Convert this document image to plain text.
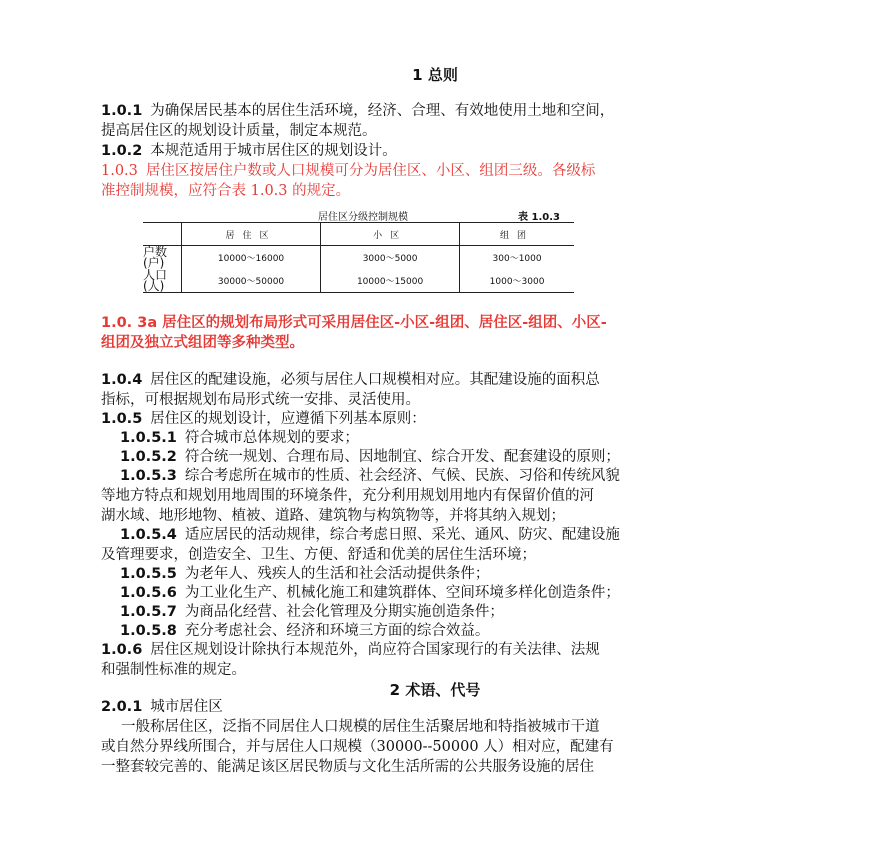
1 总则
1.0.1 为确保居民基本的居住生活环境，经济、合理、有效地使用土地和空间，
提高居住区的规划设计质量，制定本规范。
1.0.2 本规范适用于城市居住区的规划设计。
1.0.3 居住区按居住户数或人口规模可分为居住区、小区、组团三级。各级标
准控制规模，应符合表 1.0.3 的规定。
居住区分级控制规模	表 1.0.3
	居住区	小区	组团
户数
(户)	10000～16000	3000～5000	300～1000
人口
(人)	30000～50000	10000～15000	1000～3000
1.0. 3a 居住区的规划布局形式可采用居住区-小区-组团、居住区-组团、小区-
组团及独立式组团等多种类型。
1.0.4 居住区的配建设施，必须与居住人口规模相对应。其配建设施的面积总
指标，可根据规划布局形式统一安排、灵活使用。
1.0.5 居住区的规划设计，应遵循下列基本原则：
1.0.5.1 符合城市总体规划的要求；
1.0.5.2 符合统一规划、合理布局、因地制宜、综合开发、配套建设的原则；
1.0.5.3 综合考虑所在城市的性质、社会经济、气候、民族、习俗和传统风貌
等地方特点和规划用地周围的环境条件，充分利用规划用地内有保留价值的河
湖水域、地形地物、植被、道路、建筑物与构筑物等，并将其纳入规划；
1.0.5.4 适应居民的活动规律，综合考虑日照、采光、通风、防灾、配建设施
及管理要求，创造安全、卫生、方便、舒适和优美的居住生活环境；
1.0.5.5 为老年人、残疾人的生活和社会活动提供条件；
1.0.5.6 为工业化生产、机械化施工和建筑群体、空间环境多样化创造条件；
1.0.5.7 为商品化经营、社会化管理及分期实施创造条件；
1.0.5.8 充分考虑社会、经济和环境三方面的综合效益。
1.0.6 居住区规划设计除执行本规范外，尚应符合国家现行的有关法律、法规
和强制性标准的规定。
2 术语、代号
2.0.1 城市居住区
一般称居住区，泛指不同居住人口规模的居住生活聚居地和特指被城市干道
或自然分界线所围合，并与居住人口规模（30000--50000 人）相对应，配建有
一整套较完善的、能满足该区居民物质与文化生活所需的公共服务设施的居住
